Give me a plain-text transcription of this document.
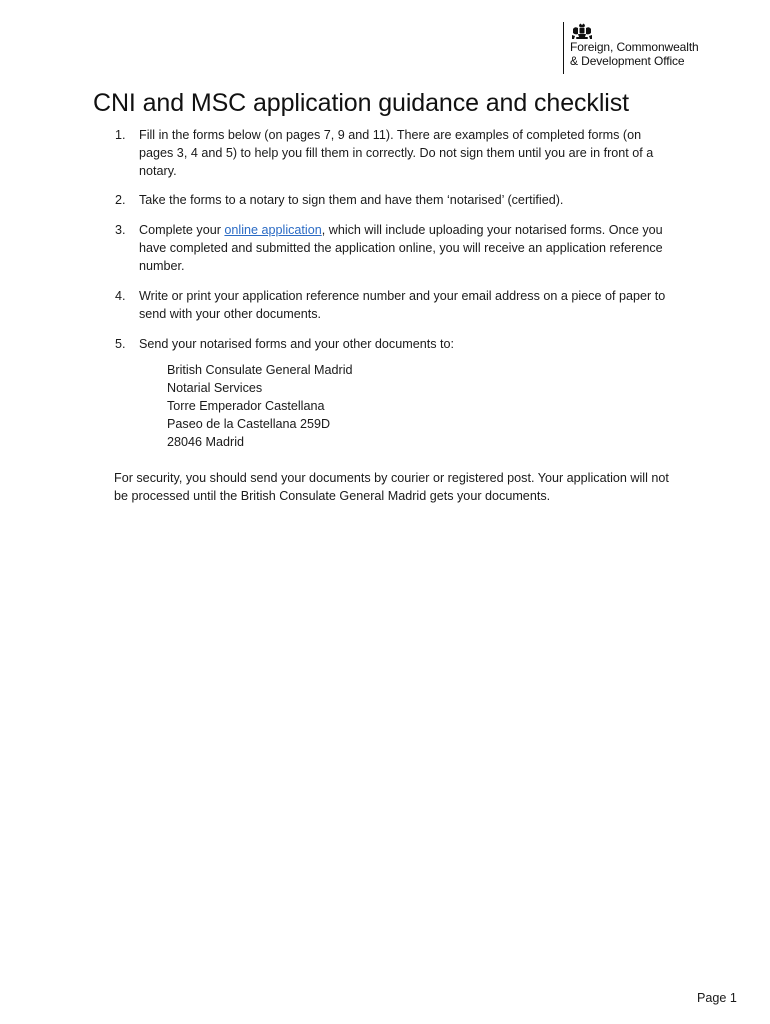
Foreign, Commonwealth
& Development Office
CNI and MSC application guidance and checklist
1. Fill in the forms below (on pages 7, 9 and 11). There are examples of completed forms (on pages 3, 4 and 5) to help you fill them in correctly. Do not sign them until you are in front of a notary.
2. Take the forms to a notary to sign them and have them ‘notarised’ (certified).
3. Complete your online application, which will include uploading your notarised forms. Once you have completed and submitted the application online, you will receive an application reference number.
4. Write or print your application reference number and your email address on a piece of paper to send with your other documents.
5. Send your notarised forms and your other documents to:
British Consulate General Madrid
Notarial Services
Torre Emperador Castellana
Paseo de la Castellana 259D
28046 Madrid

For security, you should send your documents by courier or registered post. Your application will not be processed until the British Consulate General Madrid gets your documents.

Page 1
